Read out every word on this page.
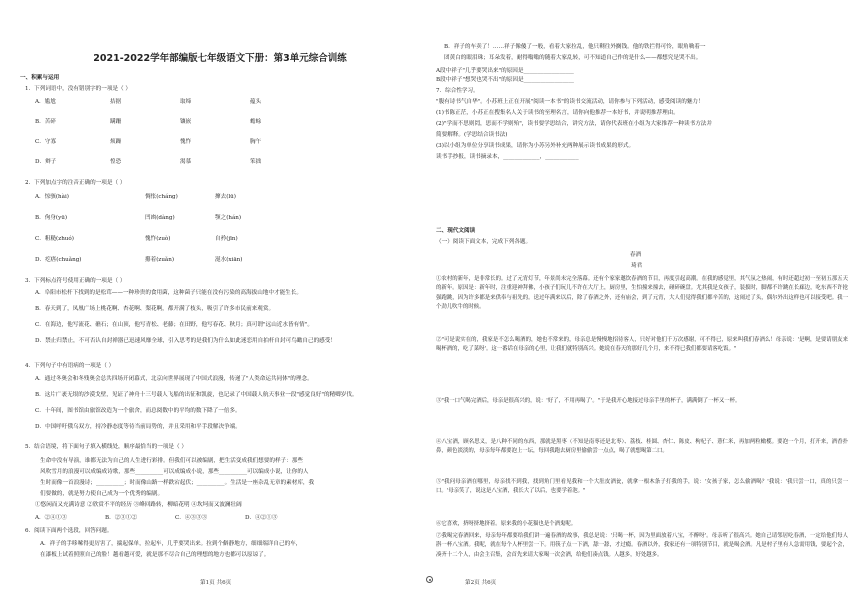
2021-2022学年部编版七年级语文下册：第3单元综合训练
一、积累与运用
1．下列词语中，没有错别字的一项是（ ）
A．尴尬	拮据	取缔	蕴头
B．苦碎	蹒跚	镶嵌	蟾蜍
C．守寡	烦躁	愧怍	胸午
D．辫子	惶恐	渴慕	笨拙
2．下列加点字的注音正确的一项是（ ）
A．惊骇(hài)	惆怅(cháng)	撺去(lū)
B．佝身(yū)	凹凼(dàng)	颚之(hán)
C．粗糙(zhuó)	愧怍(zuò)	自矜(jīn)
D．疙瘩(chuǎng)	攥着(zuǎn)	涎水(xiān)
3．下列标点符号使用正确的一项是（ ）
A．阜阳市松杆下找到的是松茸——一种珍贵的食用菌，这种菌子只能在没有污染的高海拔山地中才能生长。
B．春天到了，凤凰广场上桃花啊、杏花啊、梨花啊，都开满了枝头，吸引了许多市民前来观赏。
C．在海边，他写流花、礁石；在山顶，他写青松、老藤；在田野，他写春花、秋月；真可谓"远山近水皆有情"。
D．禁止归禁止，不可否认自封禅器已迅速风靡全球，引入思考的是我们为什么如此迷恋用自拍杆自封可鸟瞰自己的感受！
4．下列句子中有语病的一项是（ ）
A．通过冬奥会和冬残奥会总共四场开闭幕式，北京向世界展现了中国式浪漫，传递了"人类命运共同体"的理念。
B．这片广袤无垠的沙漠戈壁，见证了神舟十三号载人飞船的出征和凯旋，也记录了中国载人航天事业一段"感觉良好"的精卿岁伐。
C．十年间，图书馆由旅馆改造为一个旅舍，而总阅数中的平均的数下降了一倍多。
D．中国呼吁俄乌双方，持冷静态度等待当前局势的，并且采用和平手段解决争端。
5．结合语境，将下面句子填入横线处，顺序最恰当的一项是（ ）
生命中没有导演，谁都无法为自己的人生进行彩排。但我们可以被编剧，把生活变成我们想要的样子：那些
风吹雪月的浪漫可以成编成诗歌，那些__________可以成编成小说，那些__________可以编成小说，让你的人
生时而像一首浪漫诗；__________；时而像山路一样跌宕起伏；__________。生活是一座杂乱无章的素材库，我
们要做的，就是努力使自己成为一个优秀的编剧。
①悠闲而又充满诗意 ②欣赏不平的经历 ③峰回路转，柳暗花明 ④坎坷而又波澜壮阔
A．②④①③	B．②③①②	C．④③③③	D．④②①③
6．阅读下面两个选段，回答问题。
A．祥子的手哆嗦得更厉害了，揣起保单，拉起车，几乎要哭出来。拉到个僻静地方，细细端详自己的车，
在漆板上试着照照自己的脸！越看越可爱，就是那不尽合自己的理想的地方也都可以原谅了。
第1页 共6页
B．祥子的车卖了！……祥子像傻了一般，看着大家拉乱，他只剩往外搁钱。他的铁拦得可怜，眼角噙着一
团黄白的眼泪珠；耳朵发着，耐得嗡嗡的随着大家乱转，可不知道自己作的是什么——都想究是哭不出。
A段中祥子"几乎要哭出来"的原因是__________________
B段中祥子"想哭也哭不出"的原因是__________________
7．综合性学习。
"腹有诗书气自华"。小苏班上正在开展"阅读一本书"的读书交流活动，请你参与下列活动，感受阅读的魅力！
(1)书陈正茫，小苏正在搜集名人关于读书的至理名言，请你向他推荐一本好书，并说明推荐理由。
(2)"学而不思则罔，思而不学则殆"，读书要学思结合，讲究方法，请你代表班在小组为大家推荐一种读书方法并
简要解释。(学思结合读书法)
(3)以小组为单位分享读书成果，请你为小苏另外补充两种展示读书成果的形式。
读书手抄报，读书摘录本，_____________，____________
二、现代文阅读
（一）阅读下面文本，完成下列各题。
春酒
琦君
①农村的新年，是非常长的。过了元宵灯节，年景尚未完全落幕。还有个家家邀饮春酒的节目，再度引起高潮。在我的感觉里，其气氛之热闹，有时还超过初一至初五那五天的新年。原因是：新年时，注重迎神拜佛，小孩子们玩儿不许在大厅上，厨房里，生怕撞来撞去，碰碎碗盘。尤其我是女孩子，装拔时，脚都不许跳在长廊边，吃东西不许抢强跑跳，因为许多都是来供奉与祖先的。送过年满来以后，除了春酒之外，还有庙会，到了元宵，大人们觉得我们都辛苦的，这闹过了头，偶尔外出这样也可以接受吧。我一个劲儿吹牛的时候。
②"可是说实在的，我家是不怎么喝酒的，她也不常来的，母亲总是慢慢地招待客人，只好对他们千万次感谢，可不得已，原来叫我们春酒么！母亲说：'是啊，是要请朋友来喝杯酒的，吃了菜呀'。这一番话在母亲的心里，让我们就特别高兴。她说在春天的那好几个月，来不得已我们都要请客吃饭。"
③"我一口气喝完酒后，母亲是很高兴的，说：'好了，不用再喝了'。"于是我开心地接过母亲手里的杯子，满满倒了一杯又一杯。
④八宝酒，顾名思义，是八种不同的东西，那就是黑枣（不知是南枣还是北枣）、荔枝、桂圆、杏仁、陈皮、枸杞子、薏仁米，再加两粒橄榄。要泡一个月，打开来，酒香扑鼻，颜色淡淡的，母亲每年都要泡上一坛，每回我跑去厨房里偷偷尝一点点，喝了就想喝第二口。
⑤"我问母亲酒在哪里，母亲找不到我，找到角门里看见我和一个大肚皮酒瓮，就拿一根木条子打我的手，说：'女孩子家，怎么偷酒喝？'我说：'我只尝一口，真的只尝一口。'母亲笑了，说这是八宝酒，我长大了以后，也要学着泡。"
⑥它喜欢，挤呀挤地挤着。原来我的小花猫也是个酒鬼呢。
⑦我喝完春酒回来，母亲每年都要给我们讲一遍春酒的故事，我总是说：'只喝一杯，因为里面放着八宝，不醉呀'。母亲听了很高兴。她自己请邻居吃春酒，一定给他们每人斟一杯八宝酒。我呢，就在每个人杯里尝一下。用筷子点一下酒，舔一舔，才过瘾。春酒以外，我家还有一项特别节目，就是喝会酒。凡是村子里有人急需用钱，要起个会，凑齐十二个人，由会主召集，会首先来请大家喝一次会酒，给他们凑点钱。人越多，好处越多。
第2页 共6页
